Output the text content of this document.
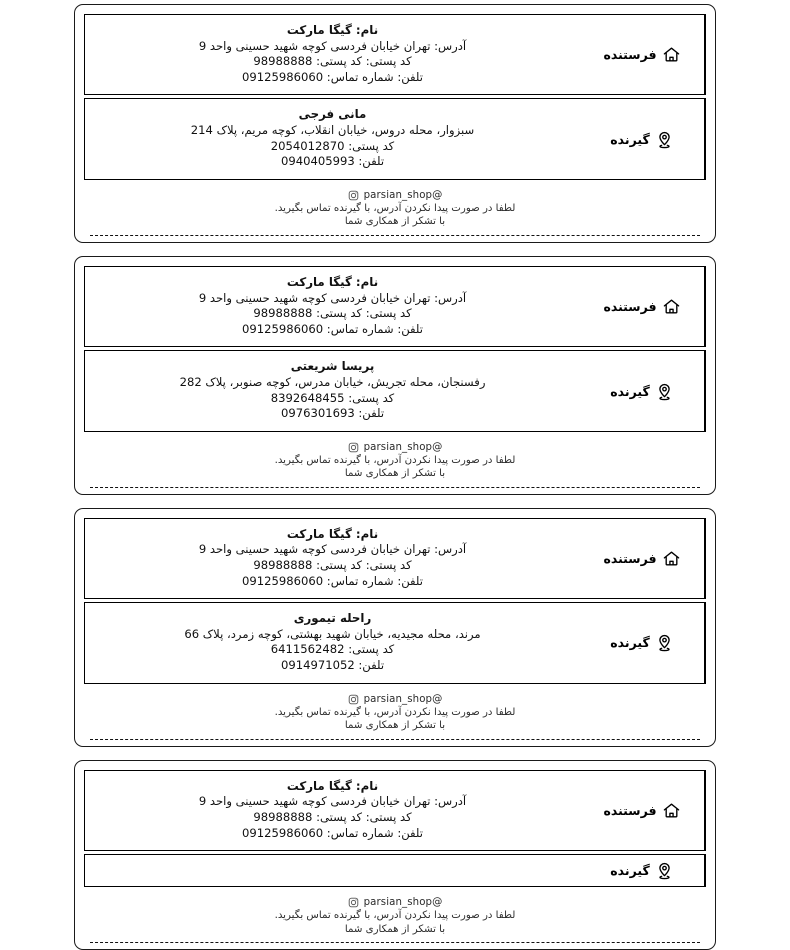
فرستنده
نام: گیگا مارکت
آدرس: تهران خیابان فردسی کوچه شهید حسینی واحد 9
کد پستی: کد پستی: 98988888
تلفن: شماره تماس: 09125986060
گیرنده
مانی فرجی
سبزوار، محله دروس، خیابان انقلاب، کوچه مریم، پلاک 214
کد پستی: 2054012870
تلفن: 0940405993
parsian_shop@
لطفا در صورت پیدا نکردن آدرس، با گیرنده تماس بگیرید.
با تشکر از همکاری شما
فرستنده
نام: گیگا مارکت
آدرس: تهران خیابان فردسی کوچه شهید حسینی واحد 9
کد پستی: کد پستی: 98988888
تلفن: شماره تماس: 09125986060
گیرنده
پریسا شریعتی
رفسنجان، محله تجریش، خیابان مدرس، کوچه صنوبر، پلاک 282
کد پستی: 8392648455
تلفن: 0976301693
parsian_shop@
لطفا در صورت پیدا نکردن آدرس، با گیرنده تماس بگیرید.
با تشکر از همکاری شما
فرستنده
نام: گیگا مارکت
آدرس: تهران خیابان فردسی کوچه شهید حسینی واحد 9
کد پستی: کد پستی: 98988888
تلفن: شماره تماس: 09125986060
گیرنده
راحله تیموری
مرند، محله مجیدیه، خیابان شهید بهشتی، کوچه زمرد، پلاک 66
کد پستی: 6411562482
تلفن: 0914971052
parsian_shop@
لطفا در صورت پیدا نکردن آدرس، با گیرنده تماس بگیرید.
با تشکر از همکاری شما
فرستنده
نام: گیگا مارکت
آدرس: تهران خیابان فردسی کوچه شهید حسینی واحد 9
کد پستی: کد پستی: 98988888
تلفن: شماره تماس: 09125986060
گیرنده
parsian_shop@
لطفا در صورت پیدا نکردن آدرس، با گیرنده تماس بگیرید.
با تشکر از همکاری شما
